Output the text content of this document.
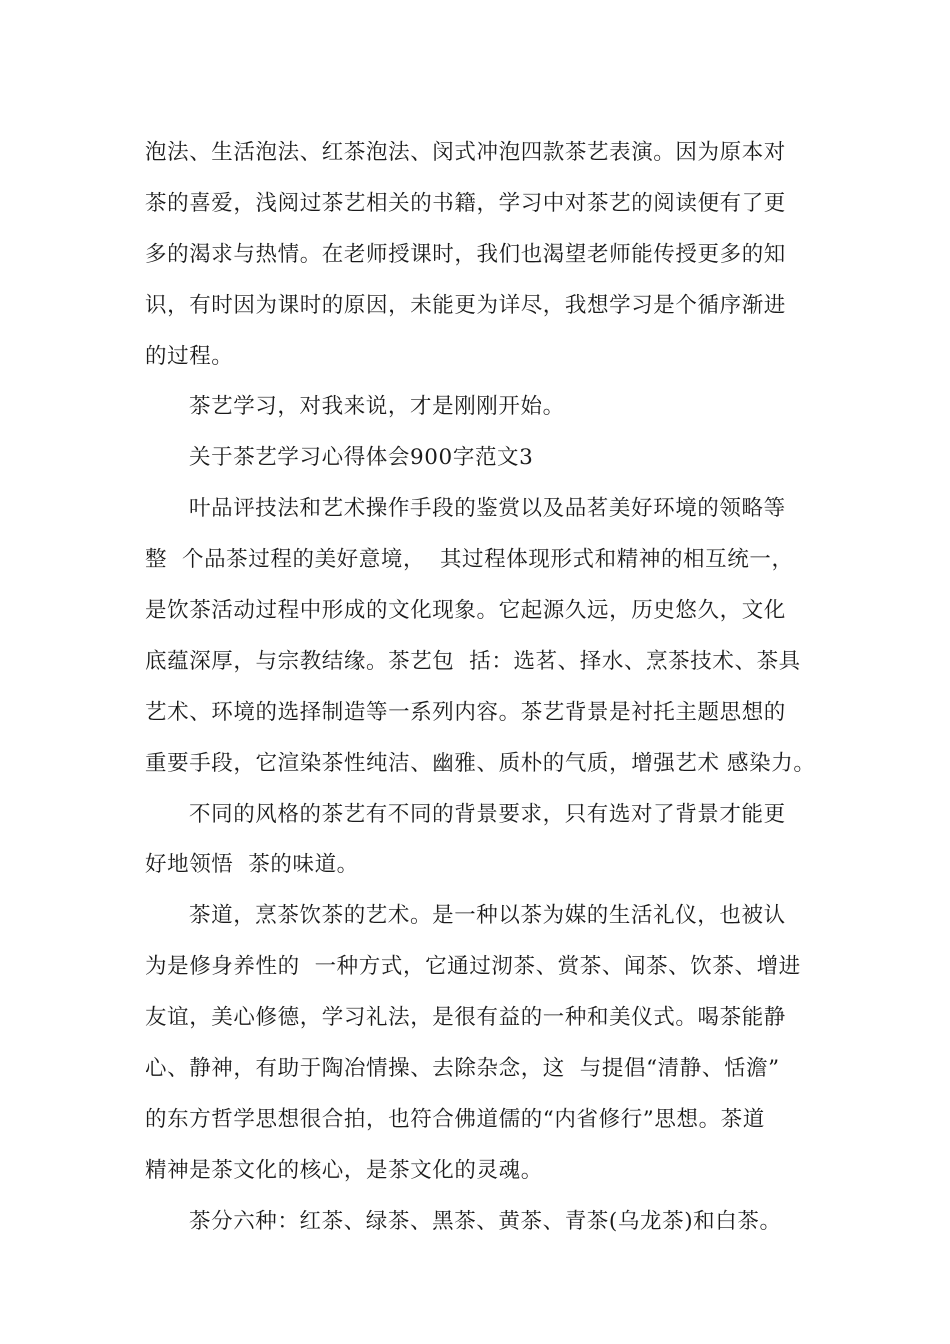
泡法、生活泡法、红茶泡法、闵式冲泡四款茶艺表演。因为原本对
茶的喜爱，浅阅过茶艺相关的书籍，学习中对茶艺的阅读便有了更
多的渴求与热情。在老师授课时，我们也渴望老师能传授更多的知
识，有时因为课时的原因，未能更为详尽，我想学习是个循序渐进
的过程。
茶艺学习，对我来说，才是刚刚开始。
关于茶艺学习心得体会900字范文3
叶品评技法和艺术操作手段的鉴赏以及品茗美好环境的领略等
整  个品茶过程的美好意境，  其过程体现形式和精神的相互统一，
是饮茶活动过程中形成的文化现象。它起源久远，历史悠久，文化
底蕴深厚，与宗教结缘。茶艺包  括：选茗、择水、烹茶技术、茶具
艺术、环境的选择制造等一系列内容。茶艺背景是衬托主题思想的
重要手段，它渲染茶性纯洁、幽雅、质朴的气质，增强艺术 感染力。
不同的风格的茶艺有不同的背景要求，只有选对了背景才能更
好地领悟  茶的味道。
茶道，烹茶饮茶的艺术。是一种以茶为媒的生活礼仪，也被认
为是修身养性的  一种方式，它通过沏茶、赏茶、闻茶、饮茶、增进
友谊，美心修德，学习礼法，是很有益的一种和美仪式。喝茶能静
心、静神，有助于陶冶情操、去除杂念，这  与提倡“清静、恬澹”
的东方哲学思想很合拍，也符合佛道儒的“内省修行”思想。茶道
精神是茶文化的核心，是茶文化的灵魂。
茶分六种：红茶、绿茶、黑茶、黄茶、青茶(乌龙茶)和白茶。
